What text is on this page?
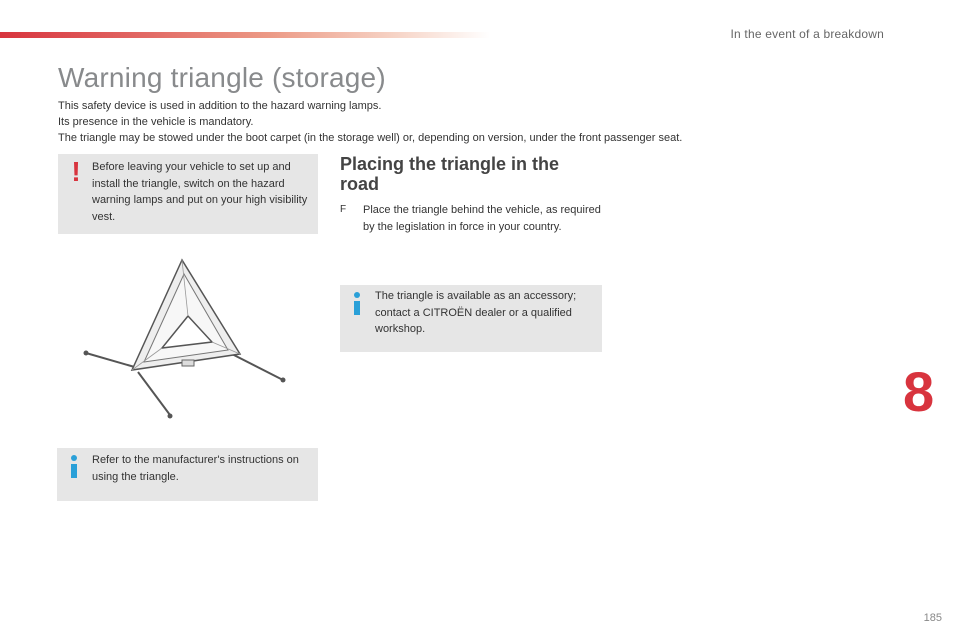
In the event of a breakdown
Warning triangle (storage)

This safety device is used in addition to the hazard warning lamps.

Its presence in the vehicle is mandatory.

The triangle may be stowed under the boot carpet (in the storage well) or, depending on version, under the front passenger seat.

!	Before leaving your vehicle to set up and install the triangle, switch on the hazard warning lamps and put on your high visibility vest.
Refer to the manufacturer's instructions on using the triangle.
Placing the triangle in the road
F Place the triangle behind the vehicle, as required by the legislation in force in your country.
The triangle is available as an accessory; contact a CITROËN dealer or a qualified workshop.
8
185
